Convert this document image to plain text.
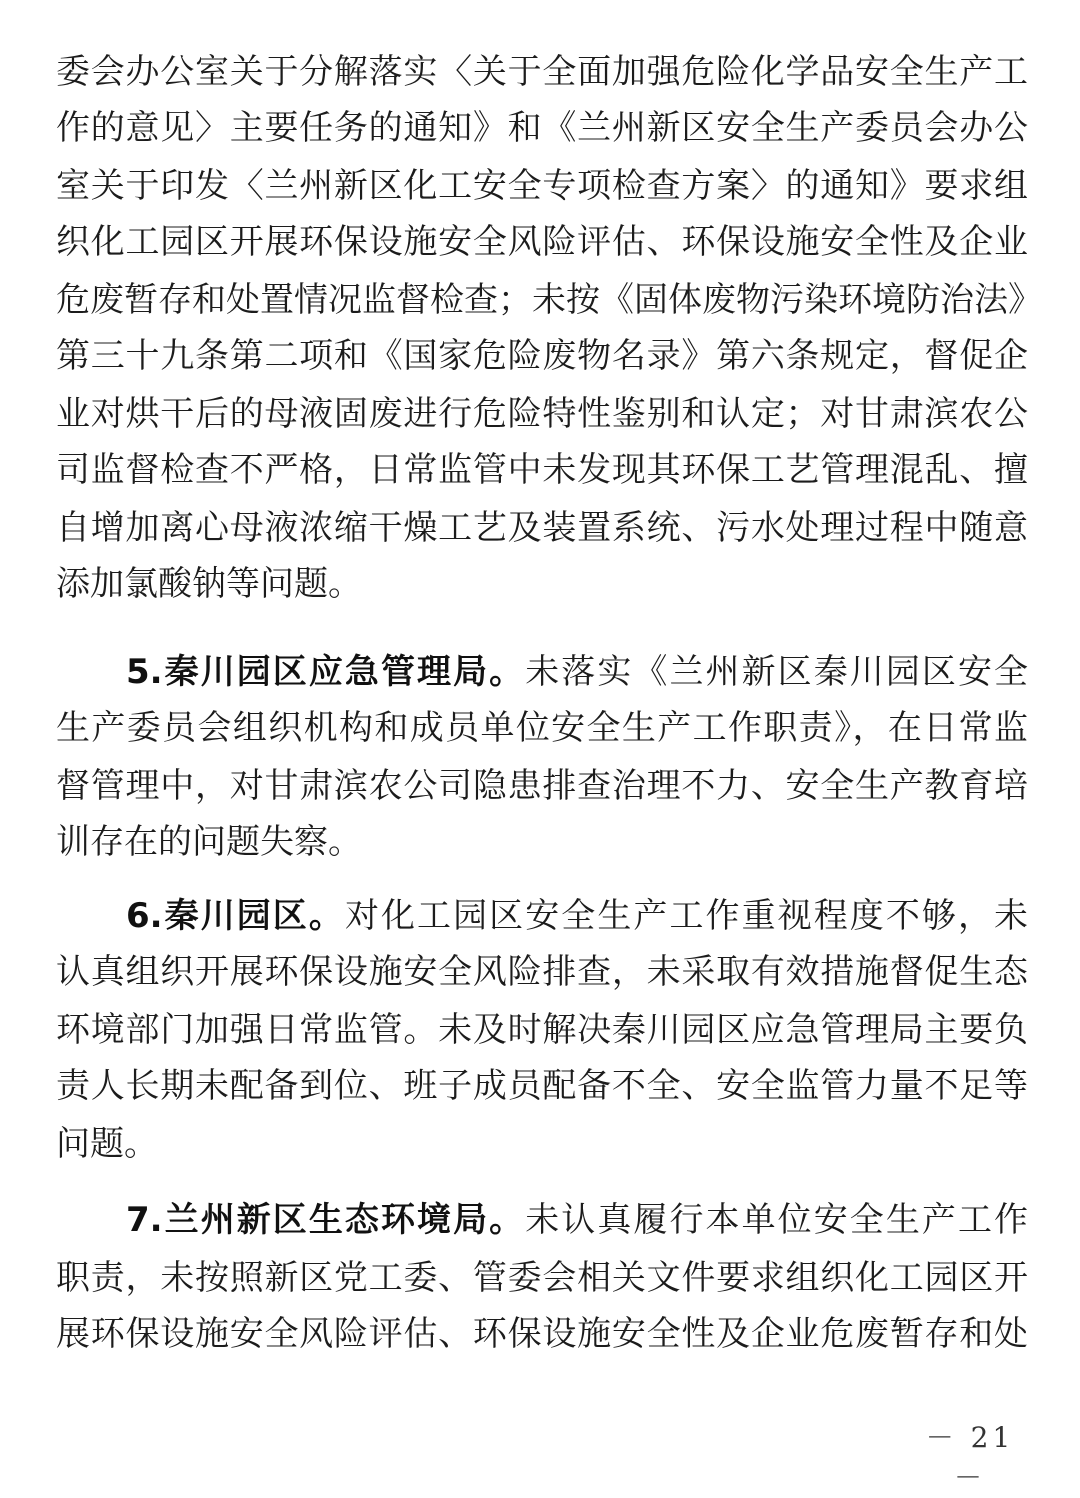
委会办公室关于分解落实〈关于全面加强危险化学品安全生产工
作的意见〉主要任务的通知》和《兰州新区安全生产委员会办公
室关于印发〈兰州新区化工安全专项检查方案〉的通知》要求组
织化工园区开展环保设施安全风险评估、环保设施安全性及企业
危废暂存和处置情况监督检查；未按《固体废物污染环境防治法》
第三十九条第二项和《国家危险废物名录》第六条规定，督促企
业对烘干后的母液固废进行危险特性鉴别和认定；对甘肃滨农公
司监督检查不严格，日常监管中未发现其环保工艺管理混乱、擅
自增加离心母液浓缩干燥工艺及装置系统、污水处理过程中随意
添加氯酸钠等问题。
5.秦川园区应急管理局。未落实《兰州新区秦川园区安全
生产委员会组织机构和成员单位安全生产工作职责》，在日常监
督管理中，对甘肃滨农公司隐患排查治理不力、安全生产教育培
训存在的问题失察。
6.秦川园区。对化工园区安全生产工作重视程度不够，未
认真组织开展环保设施安全风险排查，未采取有效措施督促生态
环境部门加强日常监管。未及时解决秦川园区应急管理局主要负
责人长期未配备到位、班子成员配备不全、安全监管力量不足等
问题。
7.兰州新区生态环境局。未认真履行本单位安全生产工作
职责，未按照新区党工委、管委会相关文件要求组织化工园区开
展环保设施安全风险评估、环保设施安全性及企业危废暂存和处
－ 21 －
